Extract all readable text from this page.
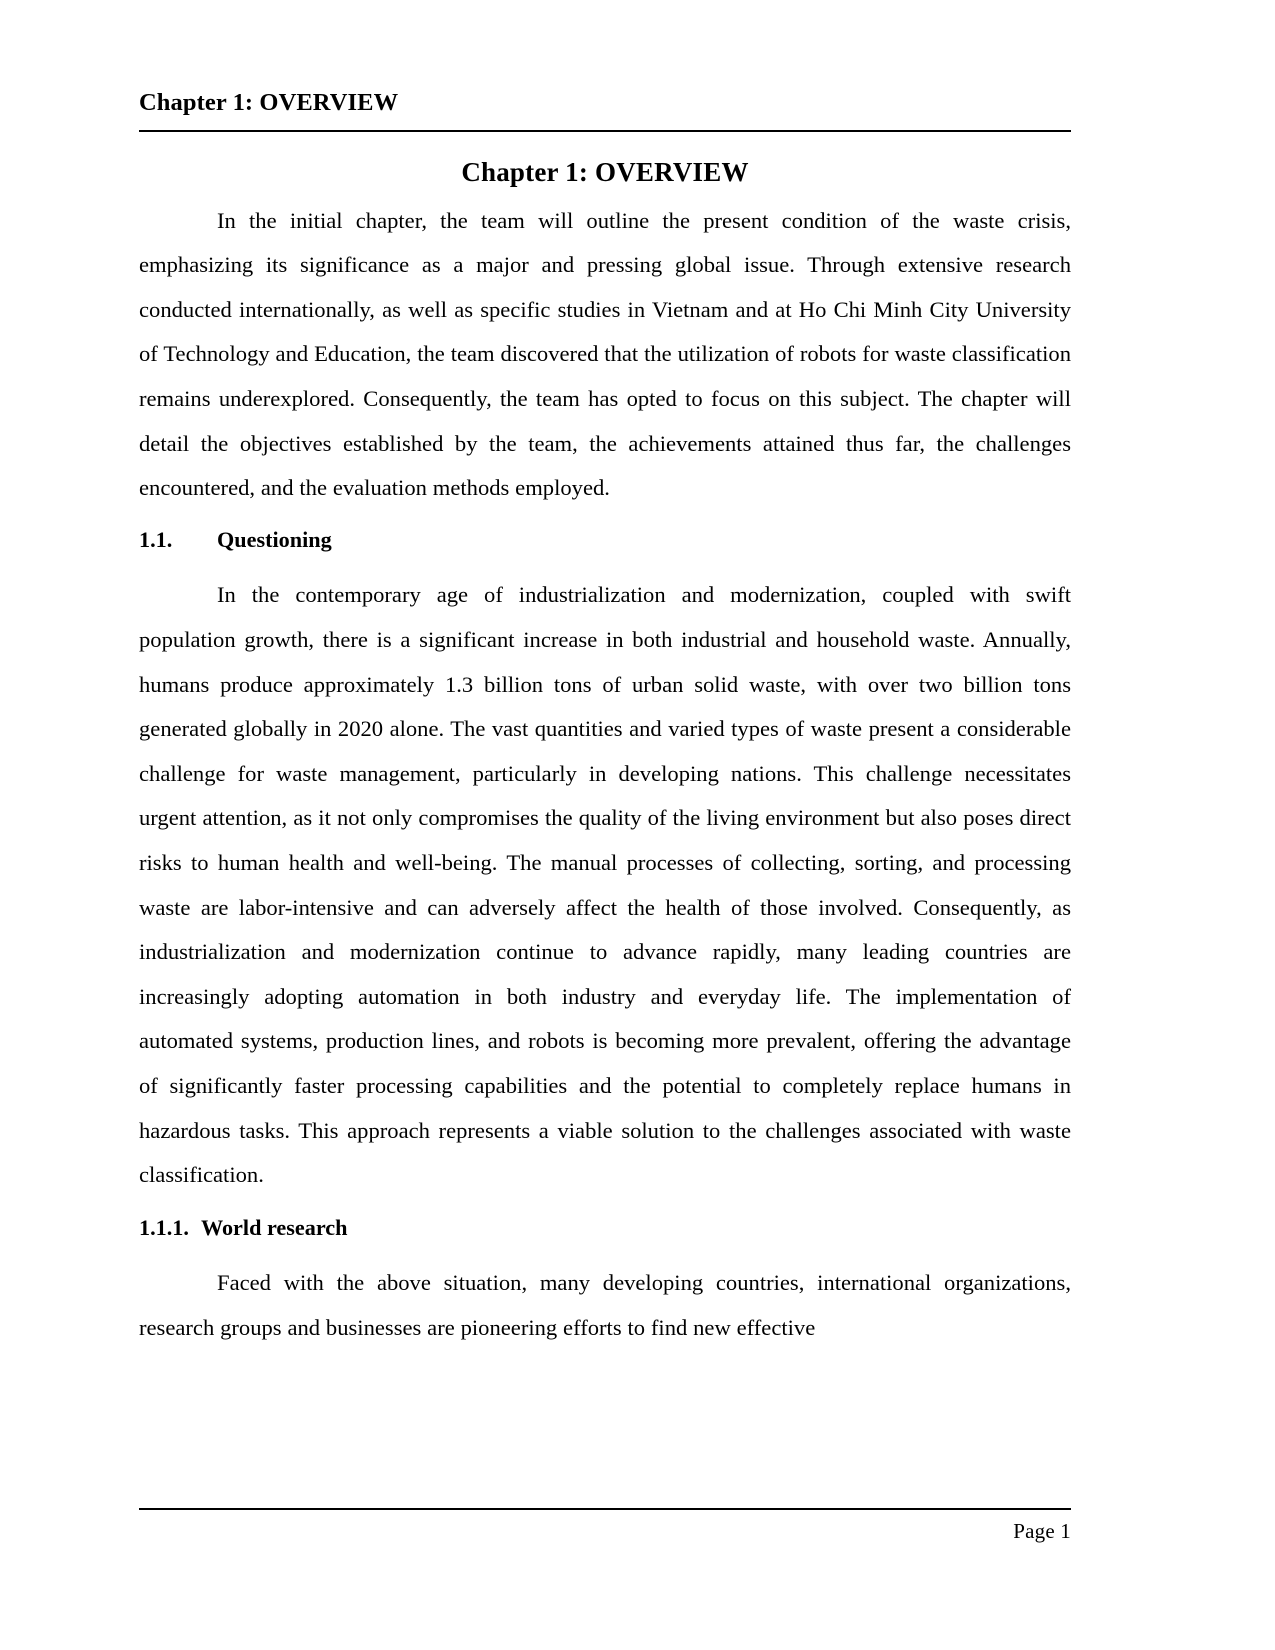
Chapter 1: OVERVIEW
Chapter 1: OVERVIEW

In the initial chapter, the team will outline the present condition of the waste crisis, emphasizing its significance as a major and pressing global issue. Through extensive research conducted internationally, as well as specific studies in Vietnam and at Ho Chi Minh City University of Technology and Education, the team discovered that the utilization of robots for waste classification remains underexplored. Consequently, the team has opted to focus on this subject. The chapter will detail the objectives established by the team, the achievements attained thus far, the challenges encountered, and the evaluation methods employed.

1.1.	Questioning

In the contemporary age of industrialization and modernization, coupled with swift population growth, there is a significant increase in both industrial and household waste. Annually, humans produce approximately 1.3 billion tons of urban solid waste, with over two billion tons generated globally in 2020 alone. The vast quantities and varied types of waste present a considerable challenge for waste management, particularly in developing nations. This challenge necessitates urgent attention, as it not only compromises the quality of the living environment but also poses direct risks to human health and well-being. The manual processes of collecting, sorting, and processing waste are labor-intensive and can adversely affect the health of those involved. Consequently, as industrialization and modernization continue to advance rapidly, many leading countries are increasingly adopting automation in both industry and everyday life. The implementation of automated systems, production lines, and robots is becoming more prevalent, offering the advantage of significantly faster processing capabilities and the potential to completely replace humans in hazardous tasks. This approach represents a viable solution to the challenges associated with waste classification.

1.1.1. World research

Faced with the above situation, many developing countries, international organizations, research groups and businesses are pioneering efforts to find new effective

Page 1
